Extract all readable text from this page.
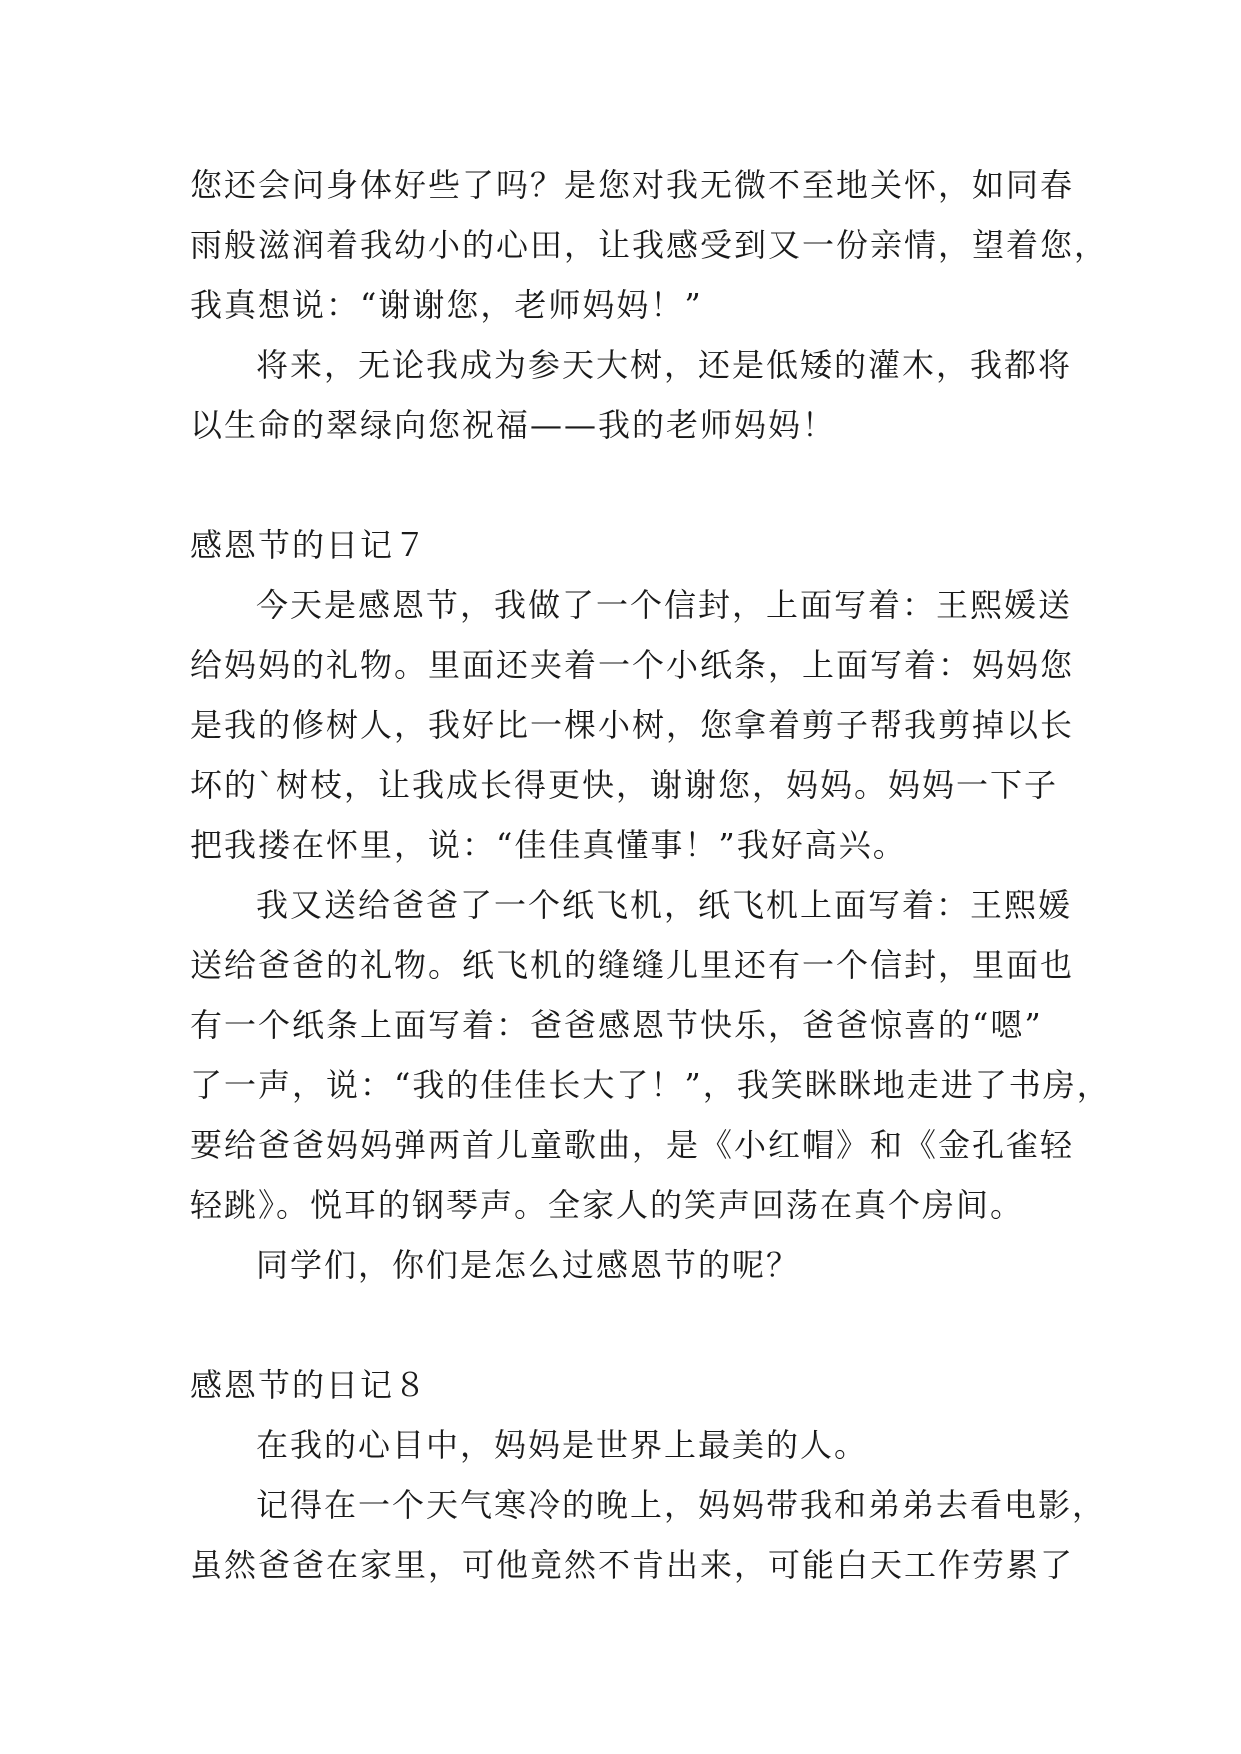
您还会问身体好些了吗？是您对我无微不至地关怀，如同春
雨般滋润着我幼小的心田，让我感受到又一份亲情，望着您，
我真想说：“谢谢您，老师妈妈！”
将来，无论我成为参天大树，还是低矮的灌木，我都将
以生命的翠绿向您祝福——我的老师妈妈！
感恩节的日记７
今天是感恩节，我做了一个信封，上面写着：王熙媛送
给妈妈的礼物。里面还夹着一个小纸条，上面写着：妈妈您
是我的修树人，我好比一棵小树，您拿着剪子帮我剪掉以长
坏的`树枝，让我成长得更快，谢谢您，妈妈。妈妈一下子
把我搂在怀里，说：“佳佳真懂事！”我好高兴。
我又送给爸爸了一个纸飞机，纸飞机上面写着：王熙媛
送给爸爸的礼物。纸飞机的缝缝儿里还有一个信封，里面也
有一个纸条上面写着：爸爸感恩节快乐，爸爸惊喜的“嗯”
了一声，说：“我的佳佳长大了！”，我笑眯眯地走进了书房，
要给爸爸妈妈弹两首儿童歌曲，是《小红帽》和《金孔雀轻
轻跳》。悦耳的钢琴声。全家人的笑声回荡在真个房间。
同学们，你们是怎么过感恩节的呢？
感恩节的日记８
在我的心目中，妈妈是世界上最美的人。
记得在一个天气寒冷的晚上，妈妈带我和弟弟去看电影，
虽然爸爸在家里，可他竟然不肯出来，可能白天工作劳累了
